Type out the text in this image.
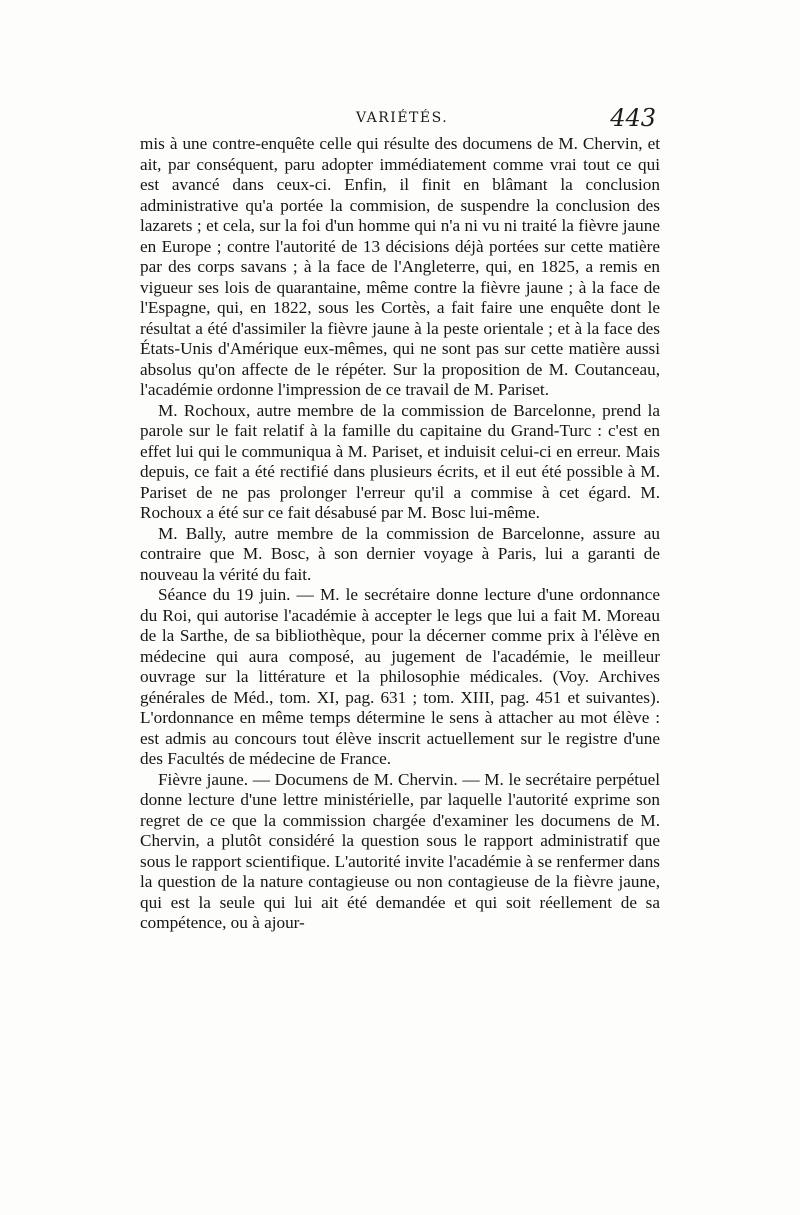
VARIÉTÉS.	443

mis à une contre-enquête celle qui résulte des documens de M. Chervin, et ait, par conséquent, paru adopter immédiatement comme vrai tout ce qui est avancé dans ceux-ci. Enfin, il finit en blâmant la conclusion administrative qu'a portée la commision, de suspendre la conclusion des lazarets ; et cela, sur la foi d'un homme qui n'a ni vu ni traité la fièvre jaune en Europe ; contre l'autorité de 13 décisions déjà portées sur cette matière par des corps savans ; à la face de l'Angleterre, qui, en 1825, a remis en vigueur ses lois de quarantaine, même contre la fièvre jaune ; à la face de l'Espagne, qui, en 1822, sous les Cortès, a fait faire une enquête dont le résultat a été d'assimiler la fièvre jaune à la peste orientale ; et à la face des États-Unis d'Amérique eux-mêmes, qui ne sont pas sur cette matière aussi absolus qu'on affecte de le répéter. Sur la proposition de M. Coutanceau, l'académie ordonne l'impression de ce travail de M. Pariset.

M. Rochoux, autre membre de la commission de Barcelonne, prend la parole sur le fait relatif à la famille du capitaine du Grand-Turc : c'est en effet lui qui le communiqua à M. Pariset, et induisit celui-ci en erreur. Mais depuis, ce fait a été rectifié dans plusieurs écrits, et il eut été possible à M. Pariset de ne pas prolonger l'erreur qu'il a commise à cet égard. M. Rochoux a été sur ce fait désabusé par M. Bosc lui-même.

M. Bally, autre membre de la commission de Barcelonne, assure au contraire que M. Bosc, à son dernier voyage à Paris, lui a garanti de nouveau la vérité du fait.

Séance du 19 juin. — M. le secrétaire donne lecture d'une ordonnance du Roi, qui autorise l'académie à accepter le legs que lui a fait M. Moreau de la Sarthe, de sa bibliothèque, pour la décerner comme prix à l'élève en médecine qui aura composé, au jugement de l'académie, le meilleur ouvrage sur la littérature et la philosophie médicales. (Voy. Archives générales de Méd., tom. XI, pag. 631 ; tom. XIII, pag. 451 et suivantes). L'ordonnance en même temps détermine le sens à attacher au mot élève : est admis au concours tout élève inscrit actuellement sur le registre d'une des Facultés de médecine de France.

Fièvre jaune. — Documens de M. Chervin. — M. le secrétaire perpétuel donne lecture d'une lettre ministérielle, par laquelle l'autorité exprime son regret de ce que la commission chargée d'examiner les documens de M. Chervin, a plutôt considéré la question sous le rapport administratif que sous le rapport scientifique. L'autorité invite l'académie à se renfermer dans la question de la nature contagieuse ou non contagieuse de la fièvre jaune, qui est la seule qui lui ait été demandée et qui soit réellement de sa compétence, ou à ajour-
